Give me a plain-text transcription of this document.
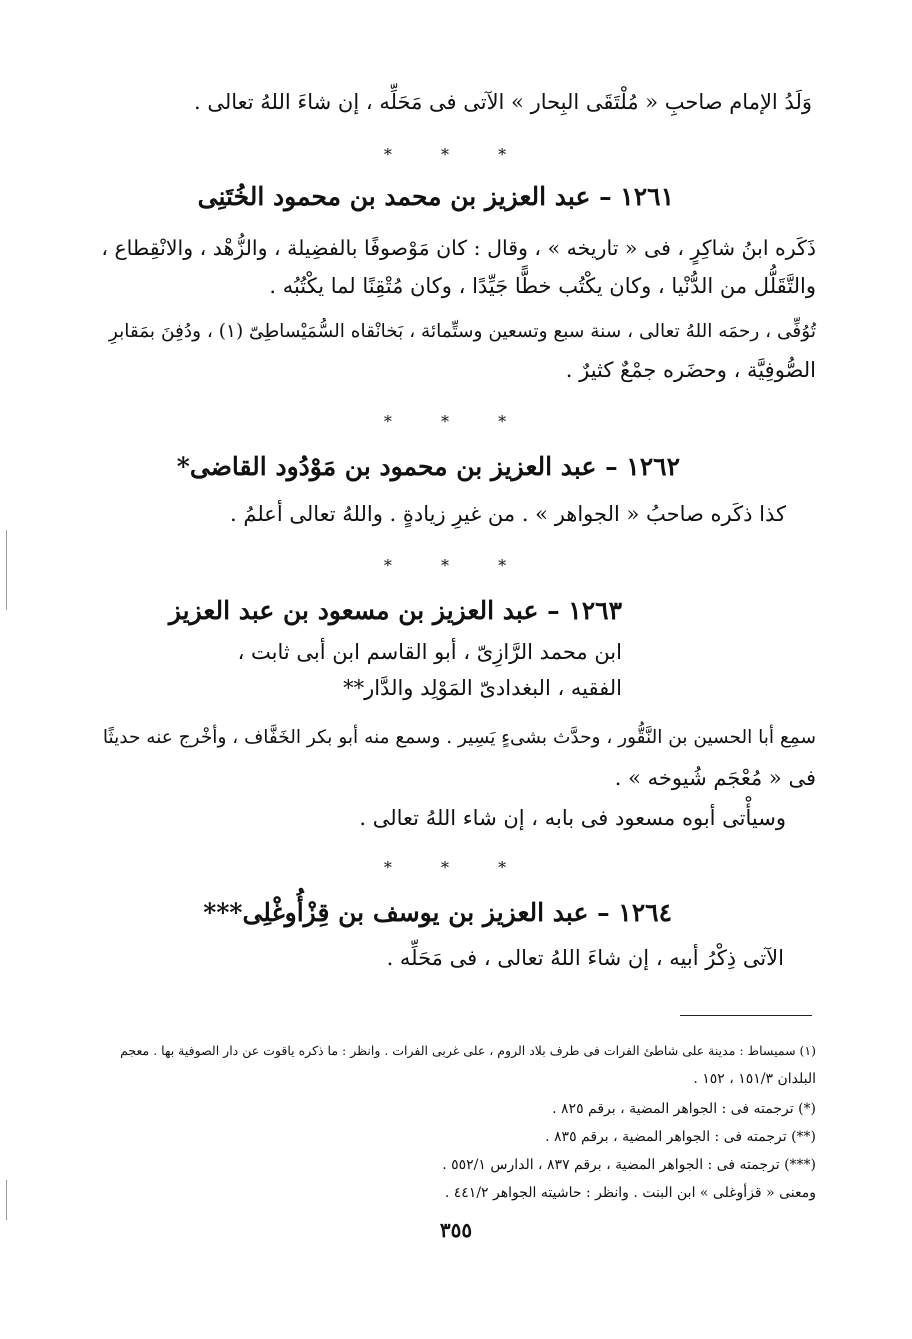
وَلَدُ الإمام صاحبِ « مُلْتَقَى البِحار » الآتى فى مَحَلِّه ، إن شاءَ اللهُ تعالى .
* * *
١٢٦١ – عبد العزيز بن محمد بن محمود الخُتَنِى
ذَكَره ابنُ شاكِرٍ ، فى « تاريخه » ، وقال : كان مَوْصوفًا بالفضِيلة ، والزُّهْد ، والانْقِطاع ،
والتَّقَلُّل من الدُّنْيا ، وكان يكْتُب خطًّا جَيِّدًا ، وكان مُتْقِنًا لما يكْتُبُه .
تُوُفِّى ، رحمَه اللهُ تعالى ، سنة سبع وتسعين وستِّمائة ، بَخانْقاه السُّمَيْساطِىّ (١) ، ودُفِنَ بمَقابرِ
الصُّوفِيَّة ، وحضَره جمْعٌ كثيرٌ .
* * *
١٢٦٢ – عبد العزيز بن محمود بن مَوْدُود القاضى*
كذا ذكَره صاحبُ « الجواهر » . من غيرِ زيادةٍ . واللهُ تعالى أعلمُ .
* * *
١٢٦٣ – عبد العزيز بن مسعود بن عبد العزيز
ابن محمد الرَّازِىّ ، أبو القاسم ابن أبى ثابت ،
الفقيه ، البغدادىّ المَوْلِد والدَّار**
سمِع أبا الحسين بن النَّقُّور ، وحدَّث بشىءٍ يَسِير . وسمع منه أبو بكر الخَفَّاف ، وأخْرج عنه حديثًا
فى « مُعْجَم شُيوخه » .
وسيأْتى أبوه مسعود فى بابه ، إن شاء اللهُ تعالى .
* * *
١٢٦٤ – عبد العزيز بن يوسف بن قِزْأُوغْلِى***
الآتى ذِكْرُ أبيه ، إن شاءَ اللهُ تعالى ، فى مَحَلِّه .
(١) سميساط : مدينة على شاطئ الفرات فى طرف بلاد الروم ، على غربى الفرات . وانظر : ما ذكره ياقوت عن دار الصوفية بها . معجم
البلدان ١٥١/٣ ، ١٥٢ .
(*) ترجمته فى : الجواهر المضية ، برقم ٨٢٥ .
(**) ترجمته فى : الجواهر المضية ، برقم ٨٣٥ .
(***) ترجمته فى : الجواهر المضية ، برقم ٨٣٧ ، الدارس ٥٥٢/١ .
ومعنى « قزأوغلى » ابن البنت . وانظر : حاشيته الجواهر ٤٤١/٢ .
٣٥٥
